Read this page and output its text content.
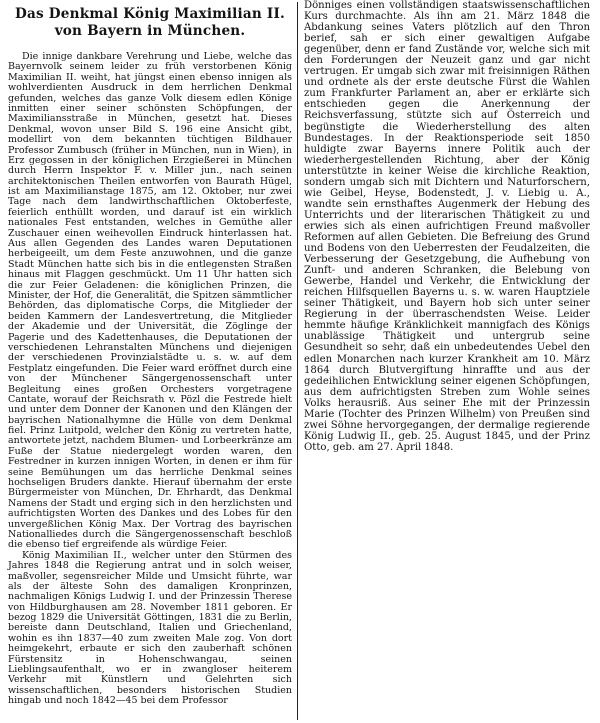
Das Denkmal König Maximilian II. von Bayern in München.

Die innige dankbare Verehrung und Liebe, welche das Bayernvolk seinem leider zu früh verstorbenen König Maximilian II. weiht, hat jüngst einen ebenso innigen als wohlverdienten Ausdruck in dem herrlichen Denkmal gefunden, welches das ganze Volk diesem edlen Könige inmitten einer seiner schönsten Schöpfungen, der Maximiliansstraße in München, gesetzt hat. Dieses Denkmal, wovon unser Bild S. 196 eine Ansicht gibt, modellirt von dem bekannten tüchtigen Bildhauer Professor Zumbusch (früher in München, nun in Wien), in Erz gegossen in der königlichen Erzgießerei in München durch Herrn Inspektor F. v. Miller jun., nach seinen architektonischen Theilen entworfen von Baurath Hügel, ist am Maximilianstage 1875, am 12. Oktober, nur zwei Tage nach dem landwirthschaftlichen Oktoberfeste, feierlich enthüllt worden, und darauf ist ein wirklich nationales Fest entstanden, welches in Gemüthe aller Zuschauer einen weihevollen Eindruck hinterlassen hat. Aus allen Gegenden des Landes waren Deputationen herbeigeeilt, um dem Feste anzuwohnen, und die ganze Stadt München hatte sich bis in die entlegensten Straßen hinaus mit Flaggen geschmückt. Um 11 Uhr hatten sich die zur Feier Geladenen: die königlichen Prinzen, die Minister, der Hof, die Generalität, die Spitzen sämmtlicher Behörden, das diplomatische Corps, die Mitglieder der beiden Kammern der Landesvertretung, die Mitglieder der Akademie und der Universität, die Zöglinge der Pagerie und des Kadettenhauses, die Deputationen der verschiedenen Lehranstalten Münchens und diejenigen der verschiedenen Provinzialstädte u. s. w. auf dem Festplatz eingefunden. Die Feier ward eröffnet durch eine von der Münchener Sängergenossenschaft unter Begleitung eines großen Orchesters vorgetragene Cantate, worauf der Reichsrath v. Pözl die Festrede hielt und unter dem Donner der Kanonen und den Klängen der bayrischen Nationalhymne die Hülle von dem Denkmal fiel. Prinz Luitpold, welcher den König zu vertreten hatte, antwortete jetzt, nachdem Blumen- und Lorbeerkränze am Fuße der Statue niedergelegt worden waren, den Festredner in kurzen innigen Worten, in denen er ihm für seine Bemühungen um das herrliche Denkmal seines hochseligen Bruders dankte. Hierauf übernahm der erste Bürgermeister von München, Dr. Ehrhardt, das Denkmal Namens der Stadt und erging sich in den herzlichsten und aufrichtigsten Worten des Dankes und des Lobes für den unvergeßlichen König Max. Der Vortrag des bayrischen Nationalliedes durch die Sängergenossenschaft beschloß die ebenso tief ergreifende als würdige Feier.

König Maximilian II., welcher unter den Stürmen des Jahres 1848 die Regierung antrat und in solch weiser, maßvoller, segensreicher Milde und Umsicht führte, war als der älteste Sohn des damaligen Kronprinzen, nachmaligen Königs Ludwig I. und der Prinzessin Therese von Hildburghausen am 28. November 1811 geboren. Er bezog 1829 die Universität Göttingen, 1831 die zu Berlin, bereiste dann Deutschland, Italien und Griechenland, wohin es ihn 1837—40 zum zweiten Male zog. Von dort heimgekehrt, erbaute er sich den zauberhaft schönen Fürstensitz in Hohenschwangau, seinen Lieblingsaufenthalt, wo er in zwangloser heiterem Verkehr mit Künstlern und Gelehrten sich wissenschaftlichen, besonders historischen Studien hingab und noch 1842—45 bei dem Professor

Dönniges einen vollständigen staatswissenschaftlichen Kurs durchmachte. Als ihn am 21. März 1848 die Abdankung seines Vaters plötzlich auf den Thron berief, sah er sich einer gewaltigen Aufgabe gegenüber, denn er fand Zustände vor, welche sich mit den Forderungen der Neuzeit ganz und gar nicht vertrugen. Er umgab sich zwar mit freisinnigen Räthen und ordnete als der erste deutsche Fürst die Wahlen zum Frankfurter Parlament an, aber er erklärte sich entschieden gegen die Anerkennung der Reichsverfassung, stützte sich auf Österreich und begünstigte die Wiederherstellung des alten Bundestages. In der Reaktionsperiode seit 1850 huldigte zwar Bayerns innere Politik auch der wiederhergestellenden Richtung, aber der König unterstützte in keiner Weise die kirchliche Reaktion, sondern umgab sich mit Dichtern und Naturforschern, wie Geibel, Heyse, Bodenstedt, J. v. Liebig u. A., wandte sein ernsthaftes Augenmerk der Hebung des Unterrichts und der literarischen Thätigkeit zu und erwies sich als einen aufrichtigen Freund maßvoller Reformen auf allen Gebieten. Die Befreiung des Grund und Bodens von den Ueberresten der Feudalzeiten, die Verbesserung der Gesetzgebung, die Aufhebung von Zunft- und anderen Schranken, die Belebung von Gewerbe, Handel und Verkehr, die Entwicklung der reichen Hilfsquellen Bayerns u. s. w. waren Hauptziele seiner Thätigkeit, und Bayern hob sich unter seiner Regierung in der überraschendsten Weise. Leider hemmte häufige Kränklichkeit mannigfach des Königs unablässige Thätigkeit und untergrub seine Gesundheit so sehr, daß ein unbedeutendes Uebel den edlen Monarchen nach kurzer Krankheit am 10. März 1864 durch Blutvergiftung hinraffte und aus der gedeihlichen Entwicklung seiner eigenen Schöpfungen, aus dem aufrichtigsten Streben zum Wohle seines Volks herausriß. Aus seiner Ehe mit der Prinzessin Marie (Tochter des Prinzen Wilhelm) von Preußen sind zwei Söhne hervorgegangen, der dermalige regierende König Ludwig II., geb. 25. August 1845, und der Prinz Otto, geb. am 27. April 1848.
